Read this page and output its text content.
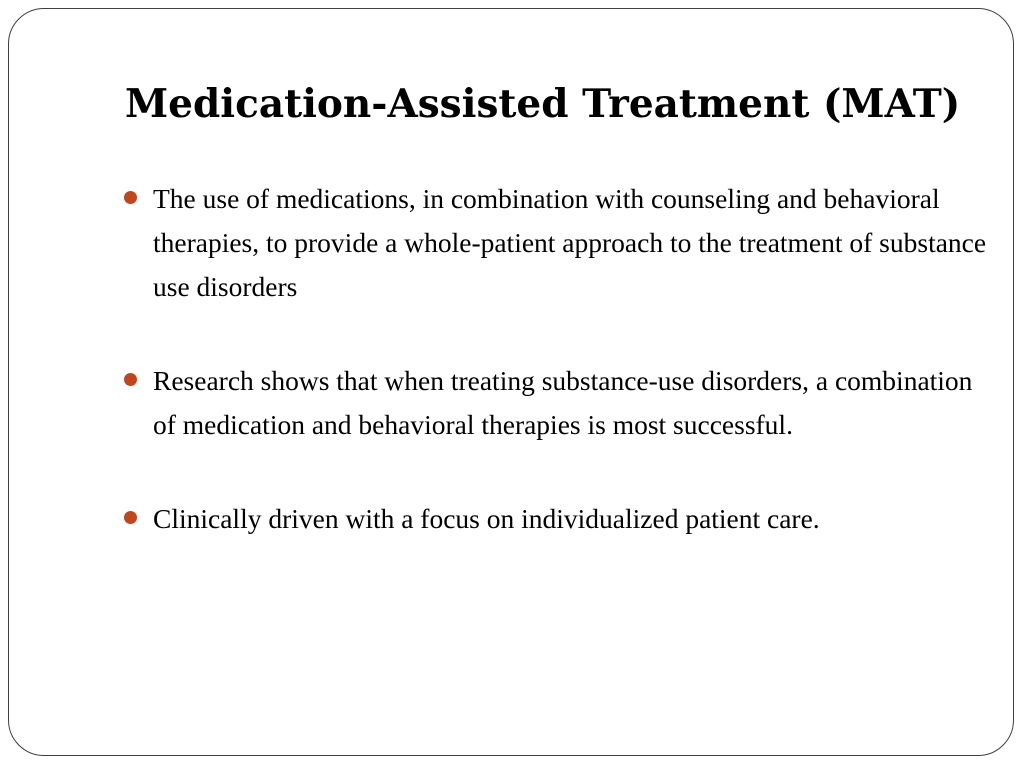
Medication-Assisted Treatment (MAT)
The use of medications, in combination with counseling and behavioral therapies, to provide a whole-patient approach to the treatment of substance use disorders
Research shows that when treating substance-use disorders, a combination of medication and behavioral therapies is most successful.
Clinically driven with a focus on individualized patient care.
